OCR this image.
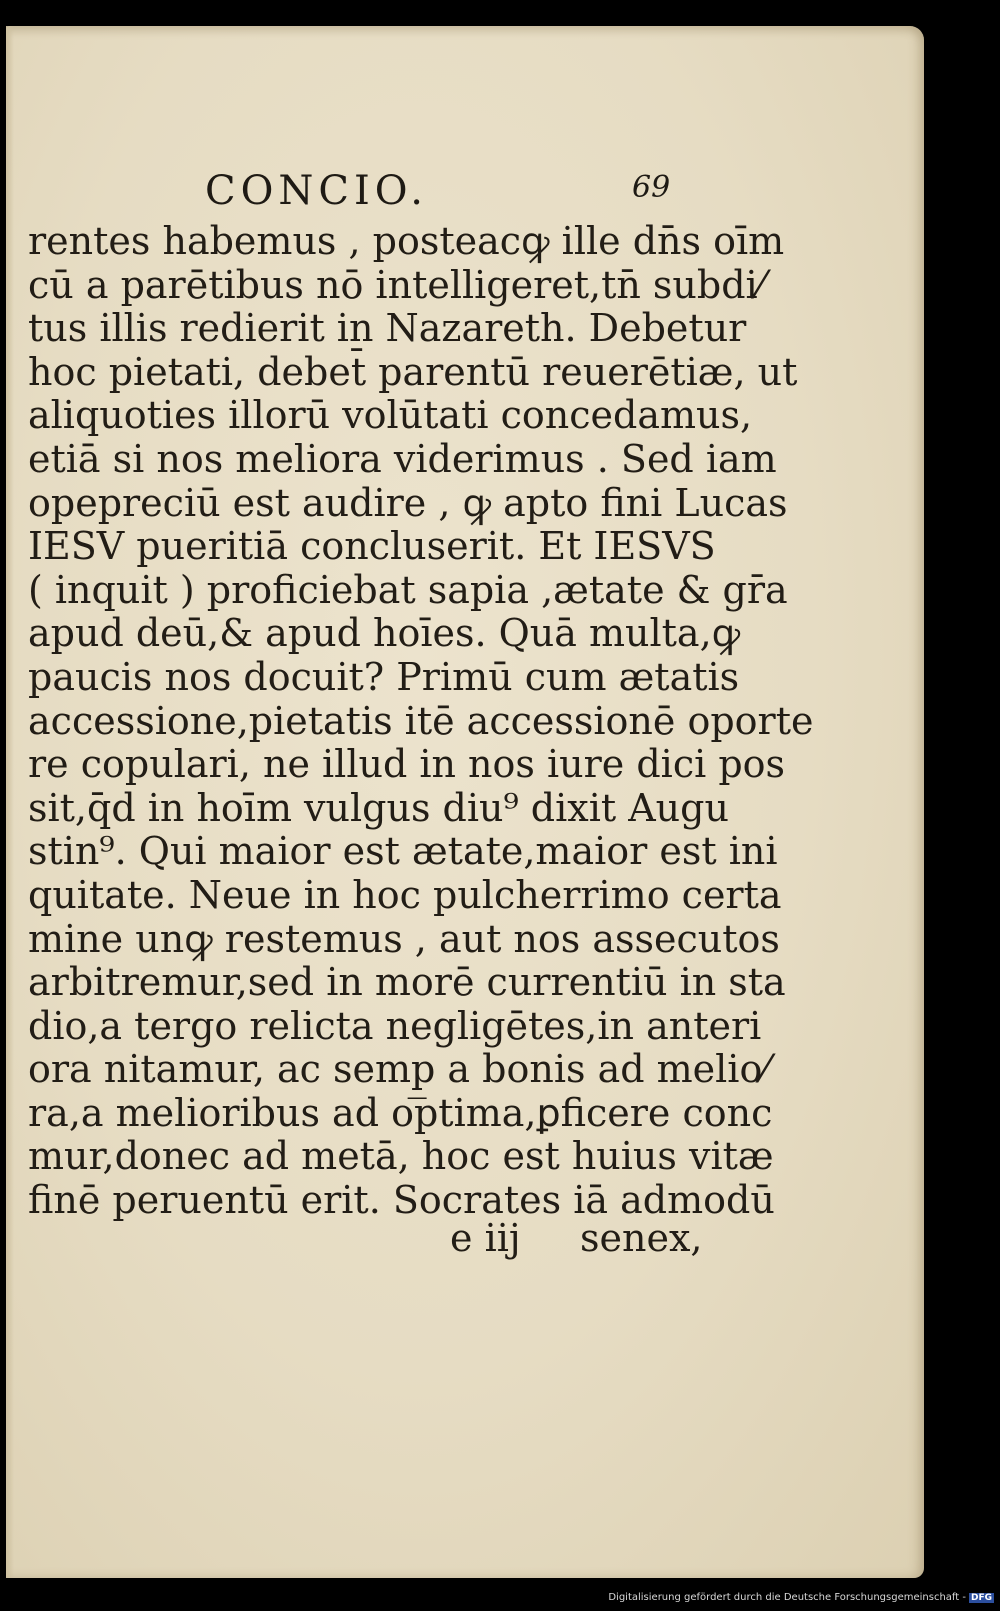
CONCIO.	69
rentes habemus , posteacꝙ ille dn̄s oīm
cū a parētibus nō intelligeret,tn̄ subdi⁄
tus illis redierit in Nazareth. Debetur
hoc pietati, debet̄ parentū reuerētiæ, ut
aliquoties illorū volūtati concedamus,
etiā si nos meliora viderimus . Sed iam
opepreciū est audire , ꝙ apto fini Lucas
IESV pueritiā concluserit. Et IESVS
( inquit ) proficiebat sapia ,ætate & gr̄a
apud deū,& apud hoīes. Quā multa,ꝙ
paucis nos docuit? Primū cum ætatis
accessione,pietatis itē accessionē oporte
re copulari, ne illud in nos iure dici pos
sit,q̄d in hoīm vulgus diu⁹ dixit Augu
stin⁹. Qui maior est ætate,maior est ini
quitate. Neue in hoc pulcherrimo certa
mine unꝙ restemus , aut nos assecutos
arbitremur,sed in morē currentiū in sta
dio,a tergo relicta negligētes,in anteri
ora nitamur, ac semp̲ a bonis ad melio⁄
ra,a melioribus ad optima,ꝑficere conc
mur,donec ad metā, hoc est huius vitæ
finē peruentū erit. Socrates iā admodū
e iij senex,
Digitalisierung gefördert durch die Deutsche Forschungsgemeinschaft - DFG
